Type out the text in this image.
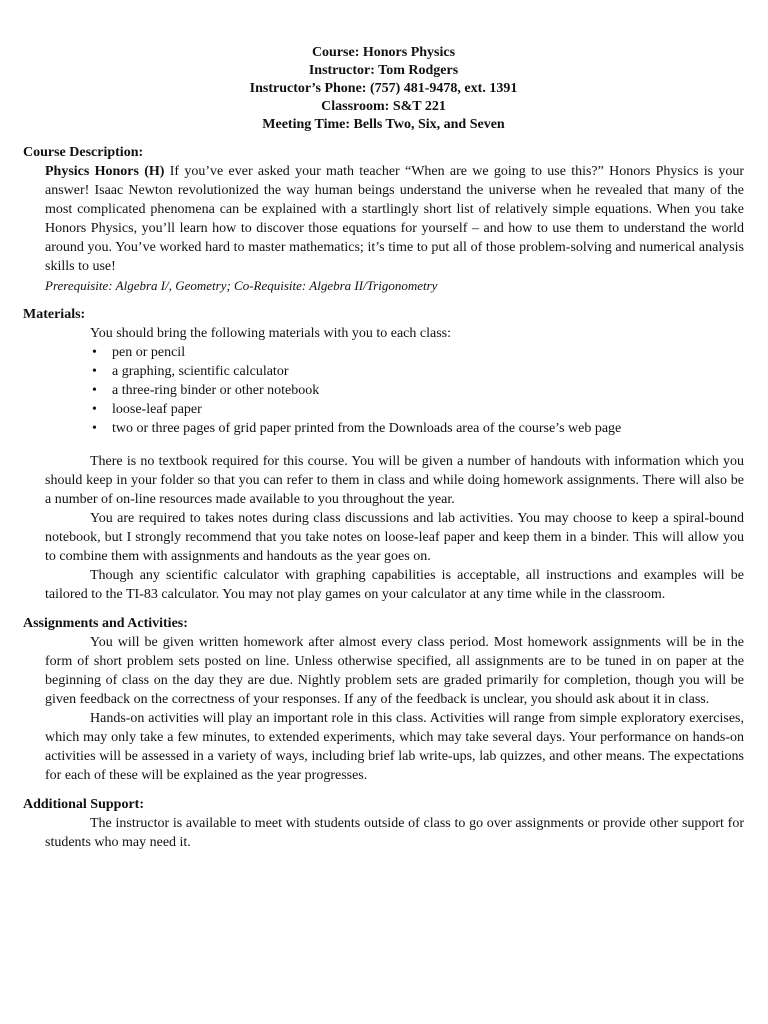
Course: Honors Physics
Instructor: Tom Rodgers
Instructor’s Phone: (757) 481-9478, ext. 1391
Classroom: S&T 221
Meeting Time: Bells Two, Six, and Seven

Course Description:

Physics Honors (H) If you’ve ever asked your math teacher “When are we going to use this?” Honors Physics is your answer! Isaac Newton revolutionized the way human beings understand the universe when he revealed that many of the most complicated phenomena can be explained with a startlingly short list of relatively simple equations. When you take Honors Physics, you’ll learn how to discover those equations for yourself – and how to use them to understand the world around you. You’ve worked hard to master mathematics; it’s time to put all of those problem-solving and numerical analysis skills to use!
Prerequisite: Algebra I/, Geometry; Co-Requisite: Algebra II/Trigonometry

Materials:

You should bring the following materials with you to each class:
• pen or pencil
• a graphing, scientific calculator
• a three-ring binder or other notebook
• loose-leaf paper
• two or three pages of grid paper printed from the Downloads area of the course’s web page

There is no textbook required for this course. You will be given a number of handouts with information which you should keep in your folder so that you can refer to them in class and while doing homework assignments. There will also be a number of on-line resources made available to you throughout the year.

You are required to takes notes during class discussions and lab activities. You may choose to keep a spiral-bound notebook, but I strongly recommend that you take notes on loose-leaf paper and keep them in a binder. This will allow you to combine them with assignments and handouts as the year goes on.

Though any scientific calculator with graphing capabilities is acceptable, all instructions and examples will be tailored to the TI-83 calculator. You may not play games on your calculator at any time while in the classroom.

Assignments and Activities:

You will be given written homework after almost every class period. Most homework assignments will be in the form of short problem sets posted on line. Unless otherwise specified, all assignments are to be tuned in on paper at the beginning of class on the day they are due. Nightly problem sets are graded primarily for completion, though you will be given feedback on the correctness of your responses. If any of the feedback is unclear, you should ask about it in class.

Hands-on activities will play an important role in this class. Activities will range from simple exploratory exercises, which may only take a few minutes, to extended experiments, which may take several days. Your performance on hands-on activities will be assessed in a variety of ways, including brief lab write-ups, lab quizzes, and other means. The expectations for each of these will be explained as the year progresses.

Additional Support:

The instructor is available to meet with students outside of class to go over assignments or provide other support for students who may need it.
